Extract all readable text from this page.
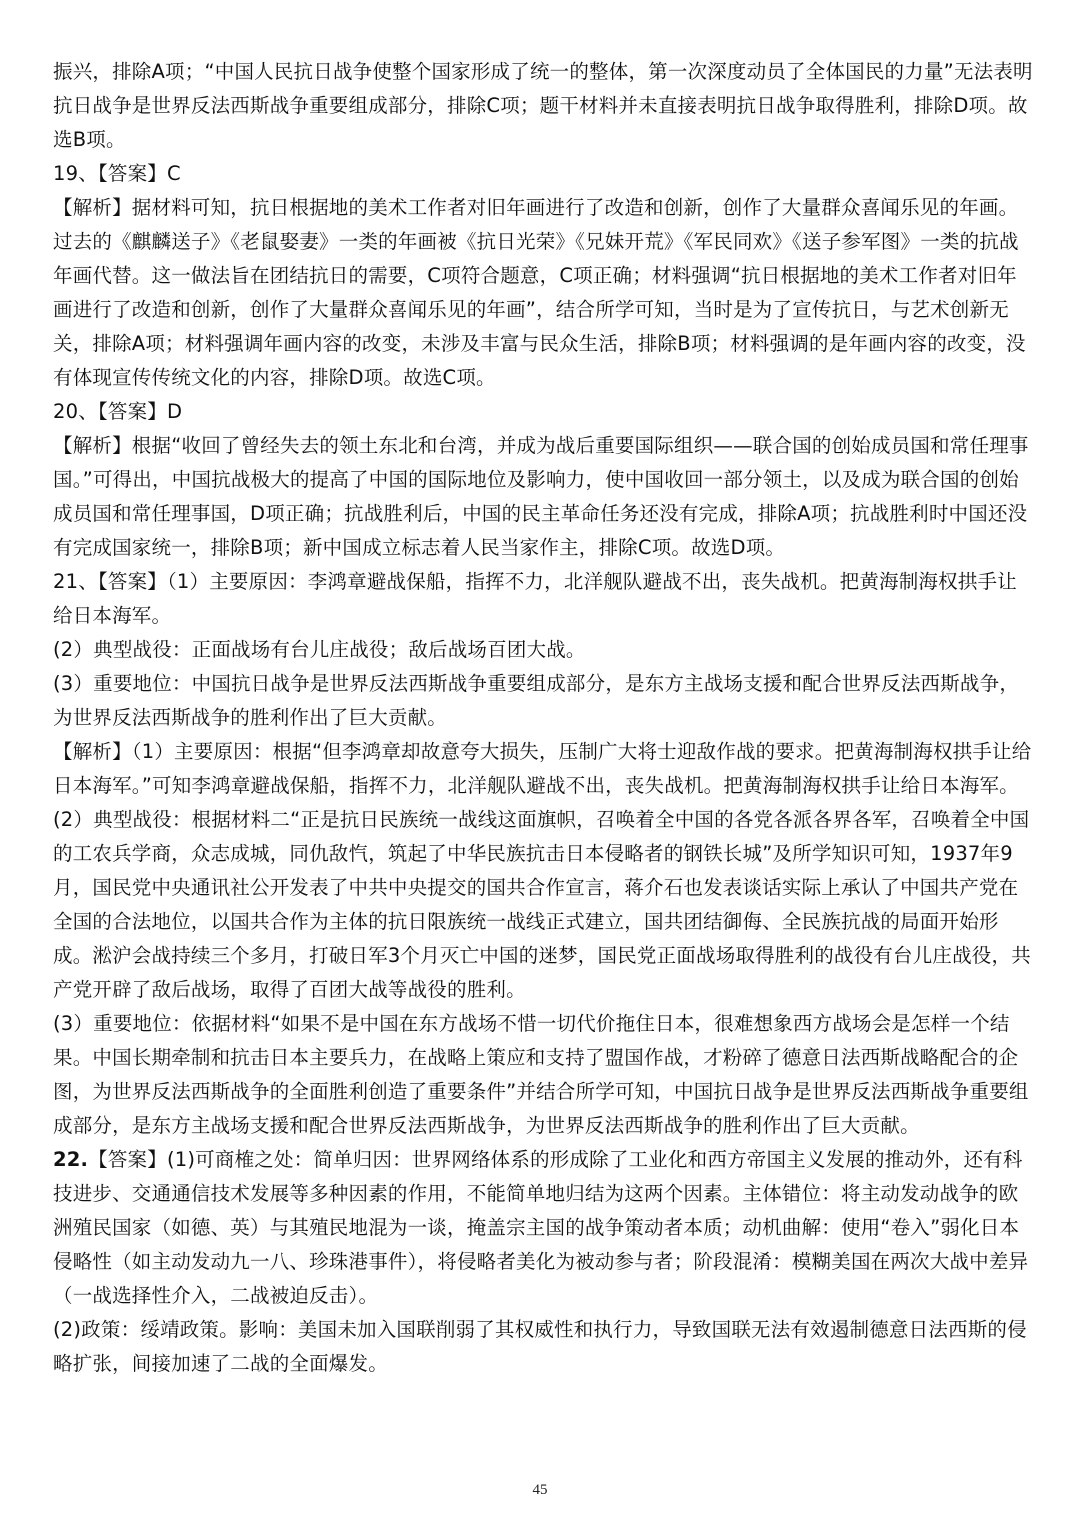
振兴，排除A项；“中国人民抗日战争使整个国家形成了统一的整体，第一次深度动员了全体国民的力量”无法表明抗日战争是世界反法西斯战争重要组成部分，排除C项；题干材料并未直接表明抗日战争取得胜利，排除D项。故选B项。

19、【答案】C

【解析】据材料可知，抗日根据地的美术工作者对旧年画进行了改造和创新，创作了大量群众喜闻乐见的年画。过去的《麒麟送子》《老鼠娶妻》一类的年画被《抗日光荣》《兄妹开荒》《军民同欢》《送子参军图》一类的抗战年画代替。这一做法旨在团结抗日的需要，C项符合题意，C项正确；材料强调“抗日根据地的美术工作者对旧年画进行了改造和创新，创作了大量群众喜闻乐见的年画”，结合所学可知，当时是为了宣传抗日，与艺术创新无关，排除A项；材料强调年画内容的改变，未涉及丰富与民众生活，排除B项；材料强调的是年画内容的改变，没有体现宣传传统文化的内容，排除D项。故选C项。

20、【答案】D

【解析】根据“收回了曾经失去的领土东北和台湾，并成为战后重要国际组织——联合国的创始成员国和常任理事国。”可得出，中国抗战极大的提高了中国的国际地位及影响力，使中国收回一部分领土，以及成为联合国的创始成员国和常任理事国，D项正确；抗战胜利后，中国的民主革命任务还没有完成，排除A项；抗战胜利时中国还没有完成国家统一，排除B项；新中国成立标志着人民当家作主，排除C项。故选D项。

21、【答案】（1）主要原因：李鸿章避战保船，指挥不力，北洋舰队避战不出，丧失战机。把黄海制海权拱手让给日本海军。

(2）典型战役：正面战场有台儿庄战役；敌后战场百团大战。

(3）重要地位：中国抗日战争是世界反法西斯战争重要组成部分，是东方主战场支援和配合世界反法西斯战争，为世界反法西斯战争的胜利作出了巨大贡献。

【解析】（1）主要原因：根据“但李鸿章却故意夸大损失，压制广大将士迎敌作战的要求。把黄海制海权拱手让给日本海军。”可知李鸿章避战保船，指挥不力，北洋舰队避战不出，丧失战机。把黄海制海权拱手让给日本海军。

(2）典型战役：根据材料二“正是抗日民族统一战线这面旗帜，召唤着全中国的各党各派各界各军，召唤着全中国的工农兵学商，众志成城，同仇敌忾，筑起了中华民族抗击日本侵略者的钢铁长城”及所学知识可知，1937年9月，国民党中央通讯社公开发表了中共中央提交的国共合作宣言，蒋介石也发表谈话实际上承认了中国共产党在全国的合法地位，以国共合作为主体的抗日限族统一战线正式建立，国共团结御侮、全民族抗战的局面开始形成。淞沪会战持续三个多月，打破日军3个月灭亡中国的迷梦，国民党正面战场取得胜利的战役有台儿庄战役，共产党开辟了敌后战场，取得了百团大战等战役的胜利。

(3）重要地位：依据材料“如果不是中国在东方战场不惜一切代价拖住日本，很难想象西方战场会是怎样一个结果。中国长期牵制和抗击日本主要兵力，在战略上策应和支持了盟国作战，才粉碎了德意日法西斯战略配合的企图，为世界反法西斯战争的全面胜利创造了重要条件”并结合所学可知，中国抗日战争是世界反法西斯战争重要组成部分，是东方主战场支援和配合世界反法西斯战争，为世界反法西斯战争的胜利作出了巨大贡献。

22.【答案】(1)可商榷之处：简单归因：世界网络体系的形成除了工业化和西方帝国主义发展的推动外，还有科技进步、交通通信技术发展等多种因素的作用，不能简单地归结为这两个因素。主体错位：将主动发动战争的欧洲殖民国家（如德、英）与其殖民地混为一谈，掩盖宗主国的战争策动者本质；动机曲解：使用“卷入”弱化日本侵略性（如主动发动九一八、珍珠港事件），将侵略者美化为被动参与者；阶段混淆：模糊美国在两次大战中差异（一战选择性介入，二战被迫反击）。

(2)政策：绥靖政策。影响：美国未加入国联削弱了其权威性和执行力，导致国联无法有效遏制德意日法西斯的侵略扩张，间接加速了二战的全面爆发。

45
